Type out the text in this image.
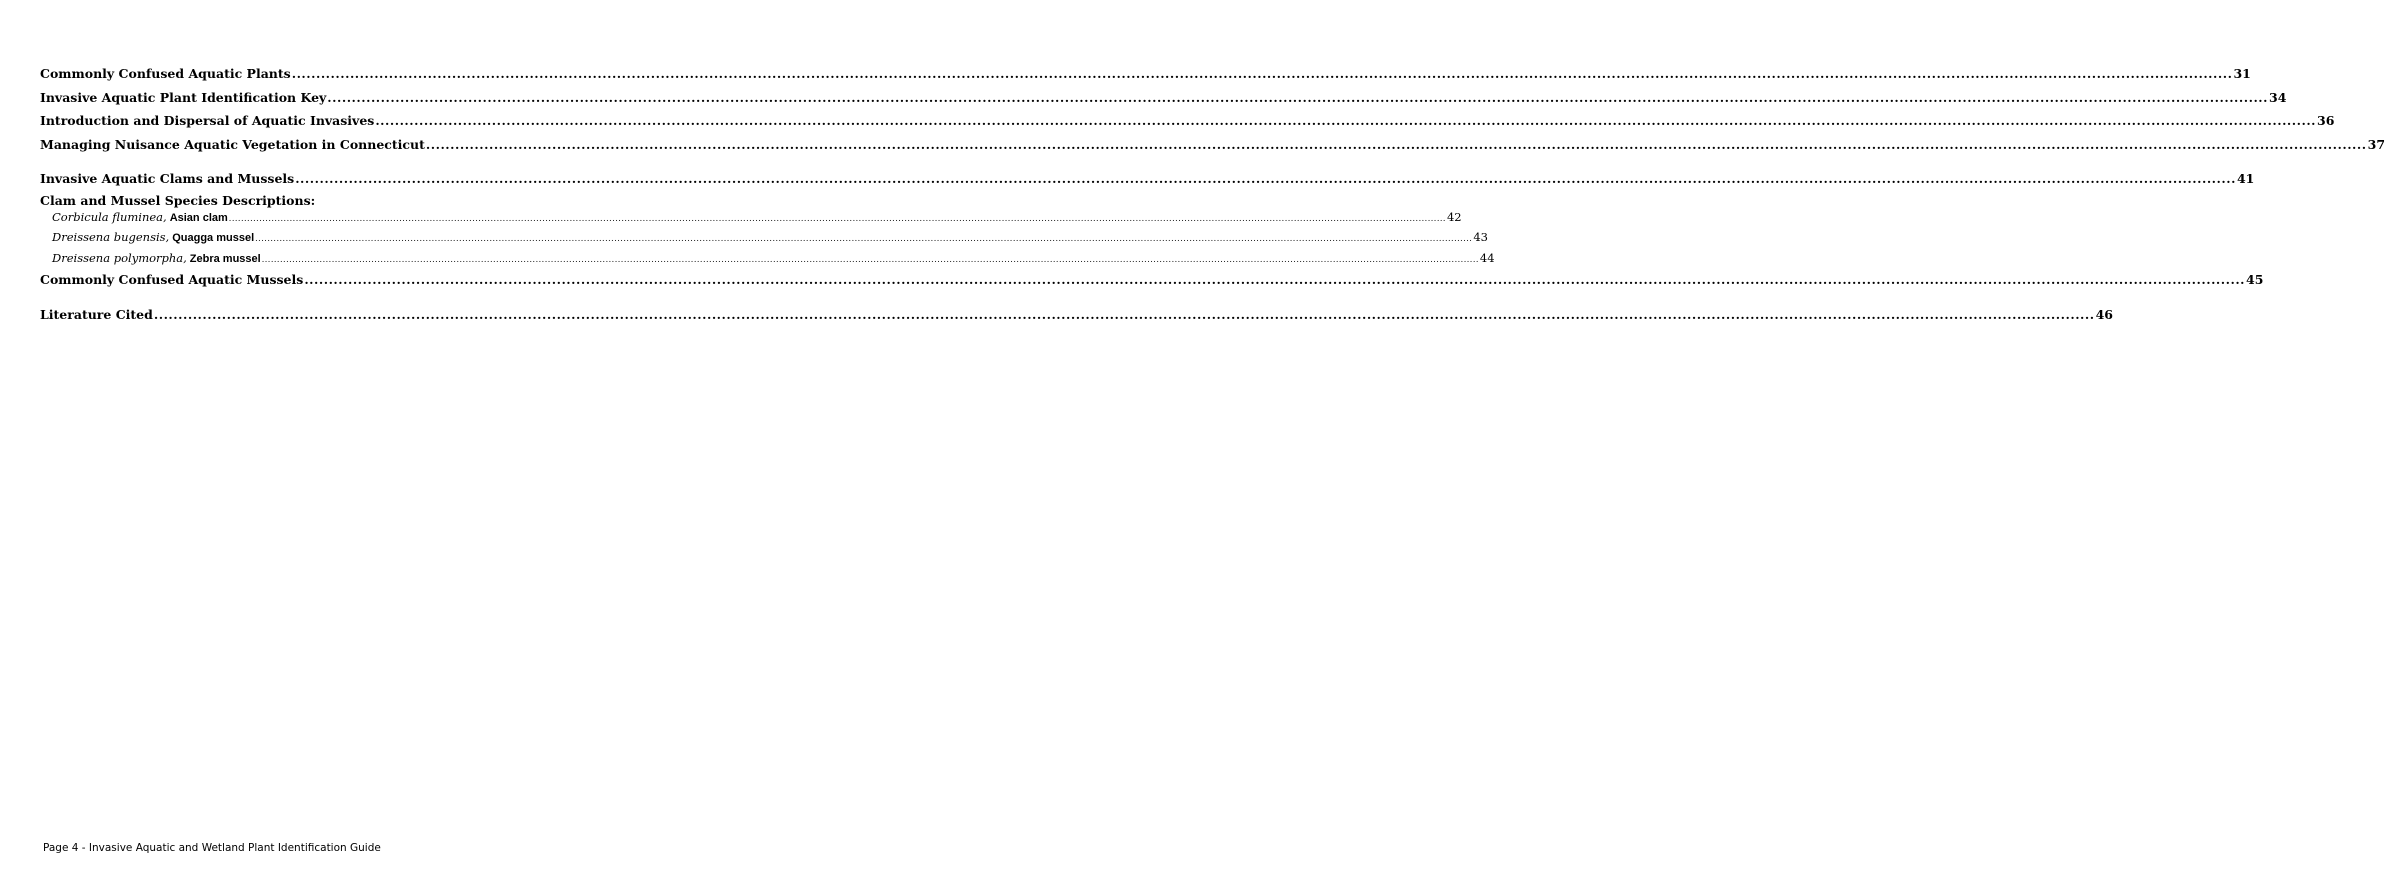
Commonly Confused Aquatic Plants ................................................................................................................................................................................................................................................................................................................................................................................................................ 31
Invasive Aquatic Plant Identification Key ................................................................................................................................................................................................................................................................................................................................................................................................................ 34
Introduction and Dispersal of Aquatic Invasives ................................................................................................................................................................................................................................................................................................................................................................................................................ 36
Managing Nuisance Aquatic Vegetation in Connecticut ................................................................................................................................................................................................................................................................................................................................................................................................................ 37
Invasive Aquatic Clams and Mussels ................................................................................................................................................................................................................................................................................................................................................................................................................ 41
Clam and Mussel Species Descriptions:
Corbicula fluminea, Asian clam ................................................................................................................................................................................................................................................................................................................................................................................................................ 42
Dreissena bugensis, Quagga mussel ................................................................................................................................................................................................................................................................................................................................................................................................................ 43
Dreissena polymorpha, Zebra mussel ................................................................................................................................................................................................................................................................................................................................................................................................................ 44
Commonly Confused Aquatic Mussels ................................................................................................................................................................................................................................................................................................................................................................................................................ 45
Literature Cited ................................................................................................................................................................................................................................................................................................................................................................................................................ 46
Page 4 - Invasive Aquatic and Wetland Plant Identification Guide
